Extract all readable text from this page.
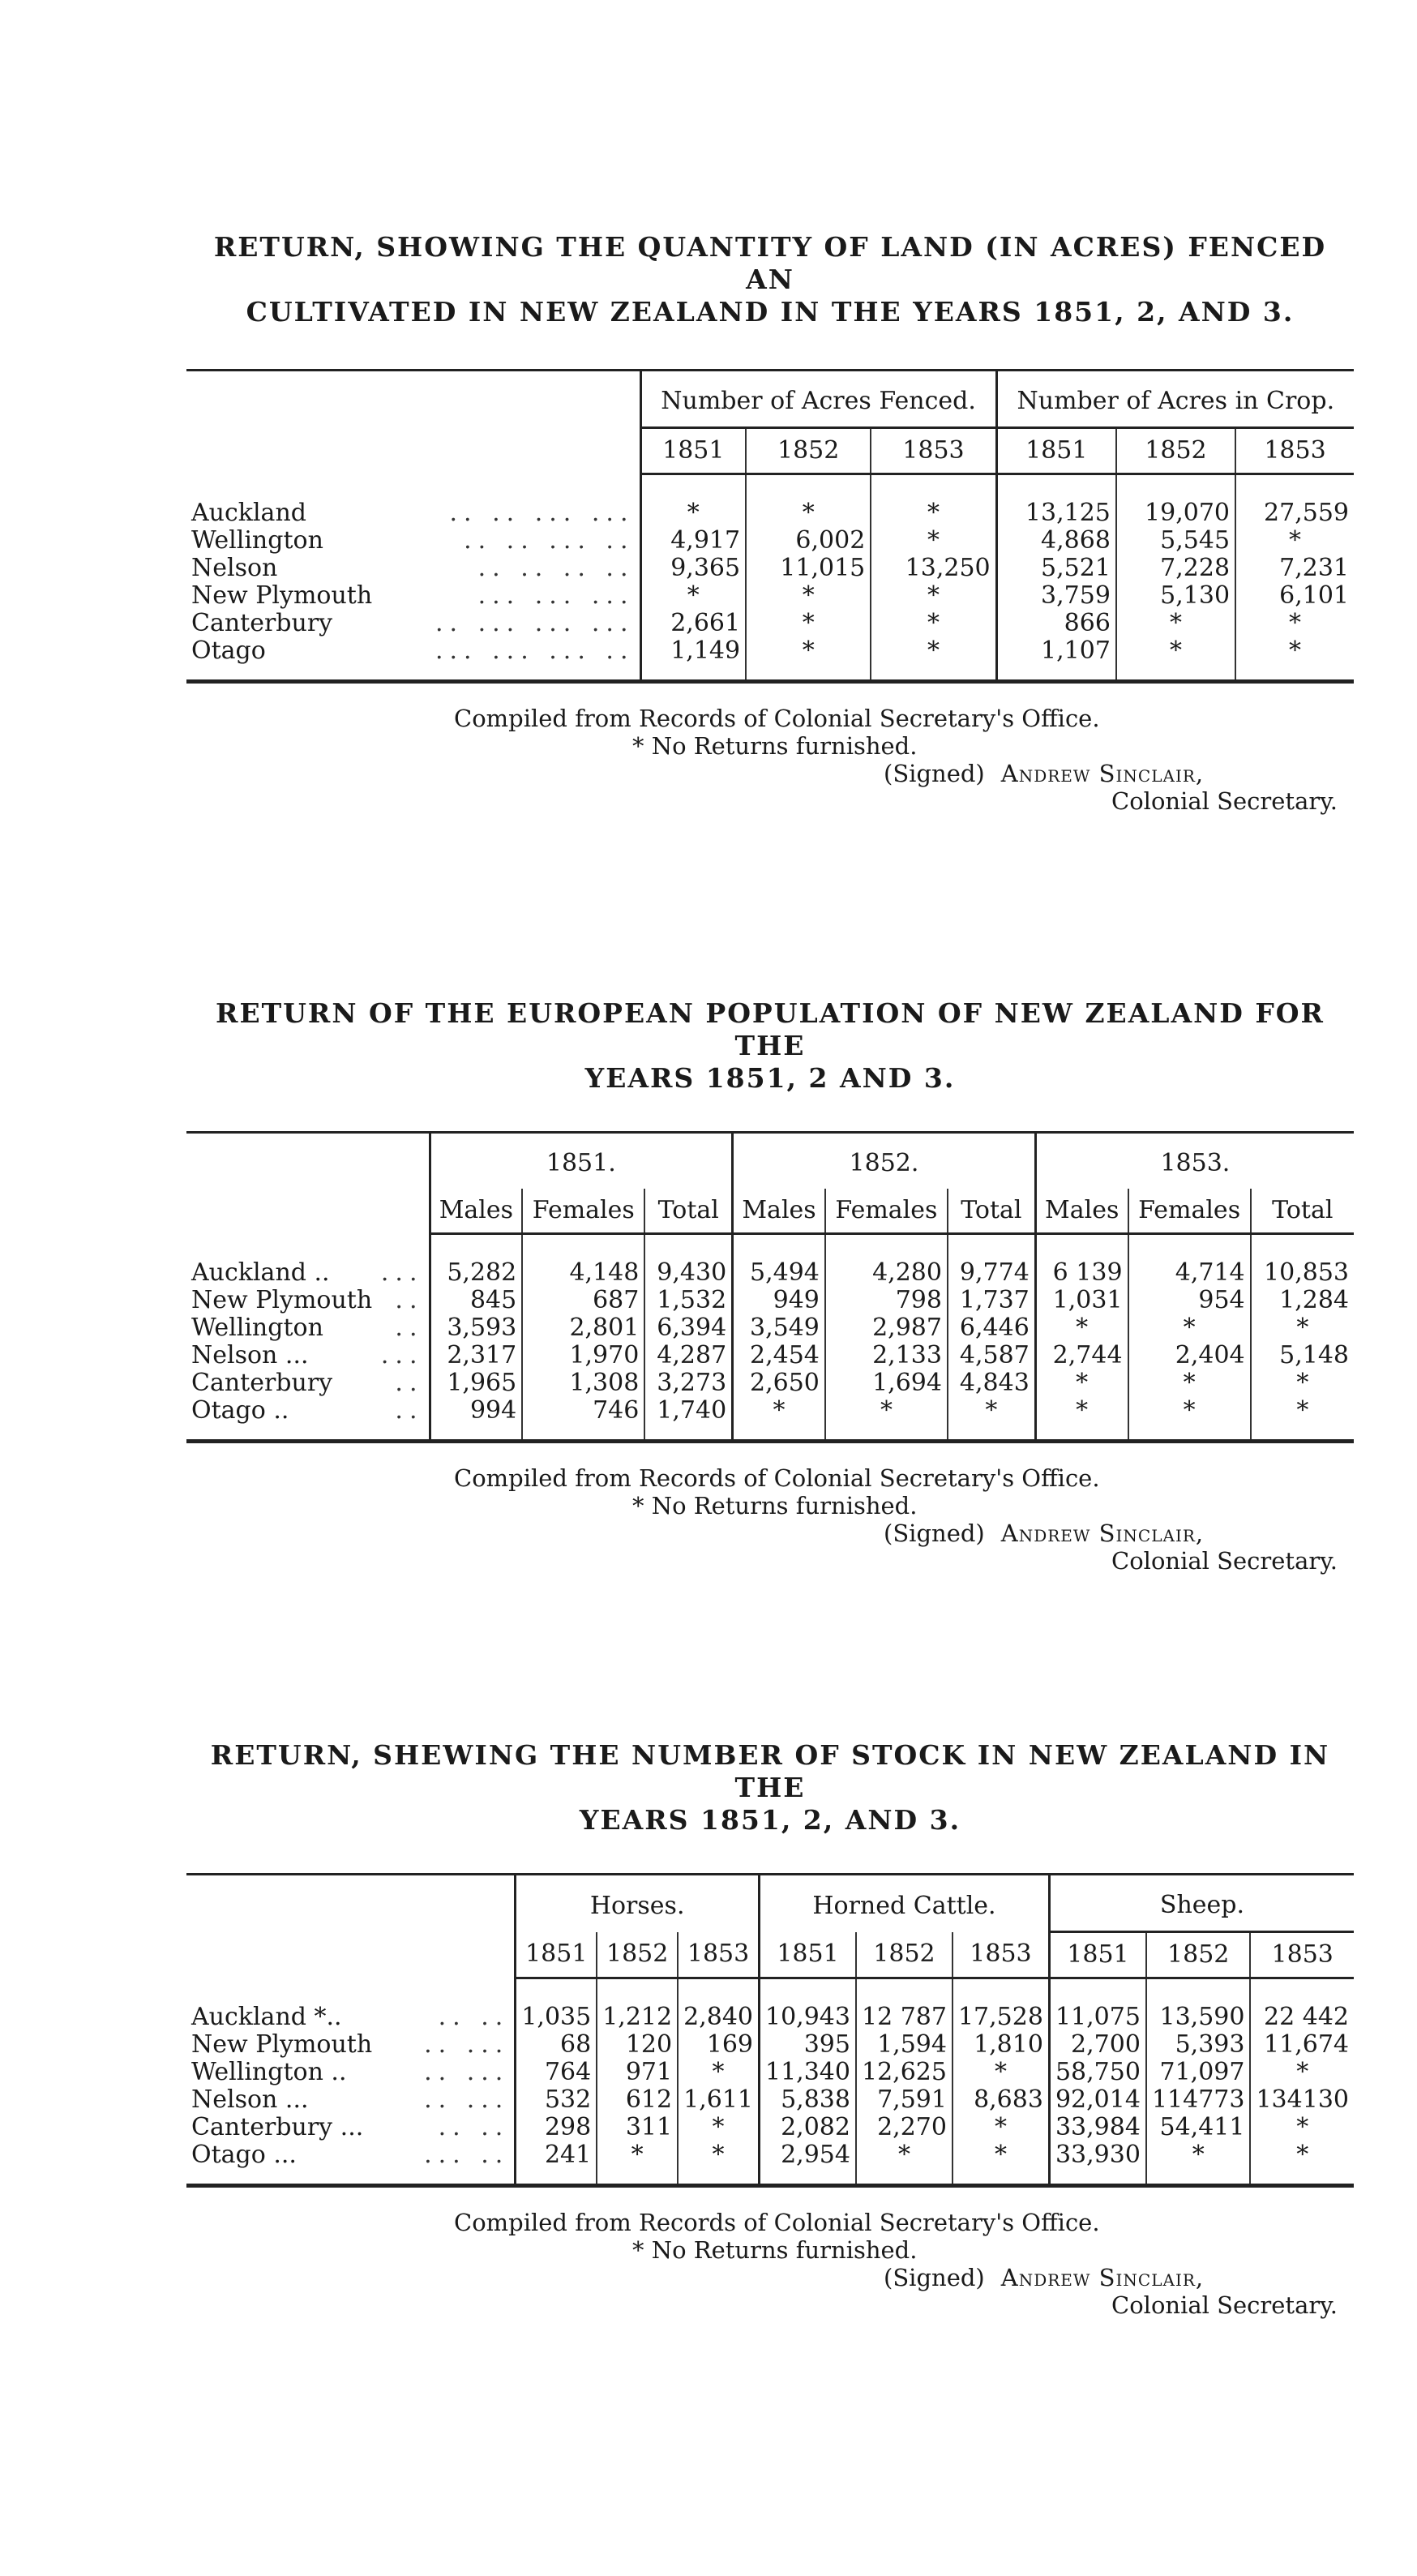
RETURN, SHOWING THE QUANTITY OF LAND (IN ACRES) FENCED AN
CULTIVATED IN NEW ZEALAND IN THE YEARS 1851, 2, AND 3.
	Number of Acres Fenced.			Number of Acres in Crop.		
	1851	1852	1853	1851	1852	1853

Auckland .. .. ... ...	*	*	*	13,125	19,070	27,559
Wellington .. .. ... ..	4,917	6,002	*	4,868	5,545	*
Nelson .. .. .. ..	9,365	11,015	13,250	5,521	7,228	7,231
New Plymouth ... ... ...	*	*	*	3,759	5,130	6,101
Canterbury .. ... ... ...	2,661	*	*	866	*	*
Otago ... ... ... ..	1,149	*	*	1,107	*	*

Compiled from Records of Colonial Secretary's Office.
* No Returns furnished.
(Signed) Andrew Sinclair,
Colonial Secretary.
RETURN OF THE EUROPEAN POPULATION OF NEW ZEALAND FOR THE
YEARS 1851, 2 AND 3.
	1851.			1852.			1853.		
	Males	Females	Total	Males	Females	Total	Males	Females	Total

Auckland .. ...	5,282	4,148	9,430	5,494	4,280	9,774	6 139	4,714	10,853
New Plymouth ..	845	687	1,532	949	798	1,737	1,031	954	1,284
Wellington ..	3,593	2,801	6,394	3,549	2,987	6,446	*	*	*
Nelson ... ...	2,317	1,970	4,287	2,454	2,133	4,587	2,744	2,404	5,148
Canterbury ..	1,965	1,308	3,273	2,650	1,694	4,843	*	*	*
Otago .. ..	994	746	1,740	*	*	*	*	*	*

Compiled from Records of Colonial Secretary's Office.
* No Returns furnished.
(Signed) Andrew Sinclair,
Colonial Secretary.
RETURN, SHEWING THE NUMBER OF STOCK IN NEW ZEALAND IN THE
YEARS 1851, 2, AND 3.
	Horses.			Horned Cattle.			Sheep.		
	1851	1852	1853	1851	1852	1853	1851	1852	1853

Auckland *.. .. ..	1,035	1,212	2,840	10,943	12 787	17,528	11,075	13,590	22 442
New Plymouth .. ...	68	120	169	395	1,594	1,810	2,700	5,393	11,674
Wellington .. .. ...	764	971	*	11,340	12,625	*	58,750	71,097	*
Nelson ... .. ...	532	612	1,611	5,838	7,591	8,683	92,014	114773	134130
Canterbury ... .. ..	298	311	*	2,082	2,270	*	33,984	54,411	*
Otago ... ... ..	241	*	*	2,954	*	*	33,930	*	*

Compiled from Records of Colonial Secretary's Office.
* No Returns furnished.
(Signed) Andrew Sinclair,
Colonial Secretary.
